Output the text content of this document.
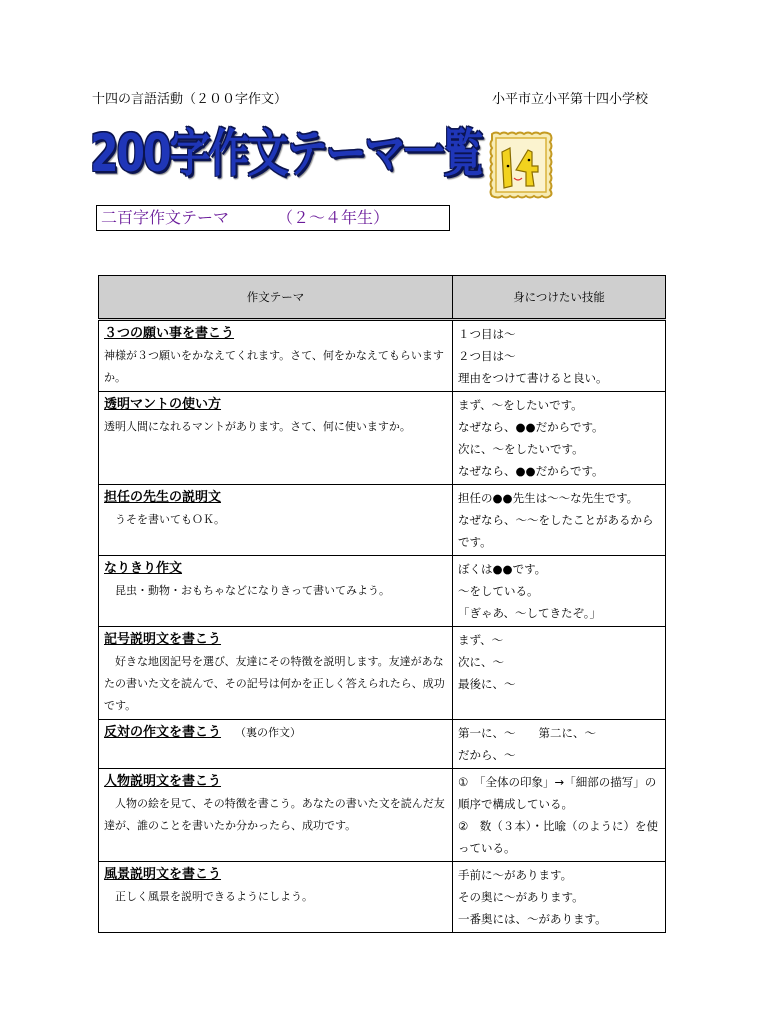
十四の言語活動（２００字作文）	小平市立小平第十四小学校
200字作文テーマ一覧
二百字作文テーマ	（２～４年生）
作文テーマ	身につけたい技能

３つの願い事を書こう
神様が３つ願いをかなえてくれます。さて、何をかなえてもらいますか。	１つ目は～
２つ目は～
理由をつけて書けると良い。

透明マントの使い方
透明人間になれるマントがあります。さて、何に使いますか。	まず、～をしたいです。
なぜなら、●●だからです。
次に、～をしたいです。
なぜなら、●●だからです。

担任の先生の説明文
　うそを書いてもＯＫ。	担任の●●先生は～～な先生です。
なぜなら、～～をしたことがあるからです。

なりきり作文
　昆虫・動物・おもちゃなどになりきって書いてみよう。	ぼくは●●です。
～をしている。
「ぎゃあ、～してきたぞ。」

記号説明文を書こう
　好きな地図記号を選び、友達にその特徴を説明します。友達があなたの書いた文を読んで、その記号は何かを正しく答えられたら、成功です。	まず、～
次に、～
最後に、～

反対の作文を書こう （裏の作文）	第一に、～　　第二に、～
だから、～

人物説明文を書こう
　人物の絵を見て、その特徴を書こう。あなたの書いた文を読んだ友達が、誰のことを書いたか分かったら、成功です。	①　「全体の印象」→「細部の描写」の順序で構成している。
②　数（３本）・比喩（のように）を使っている。

風景説明文を書こう
　正しく風景を説明できるようにしよう。	手前に～があります。
その奥に～があります。
一番奥には、～があります。
